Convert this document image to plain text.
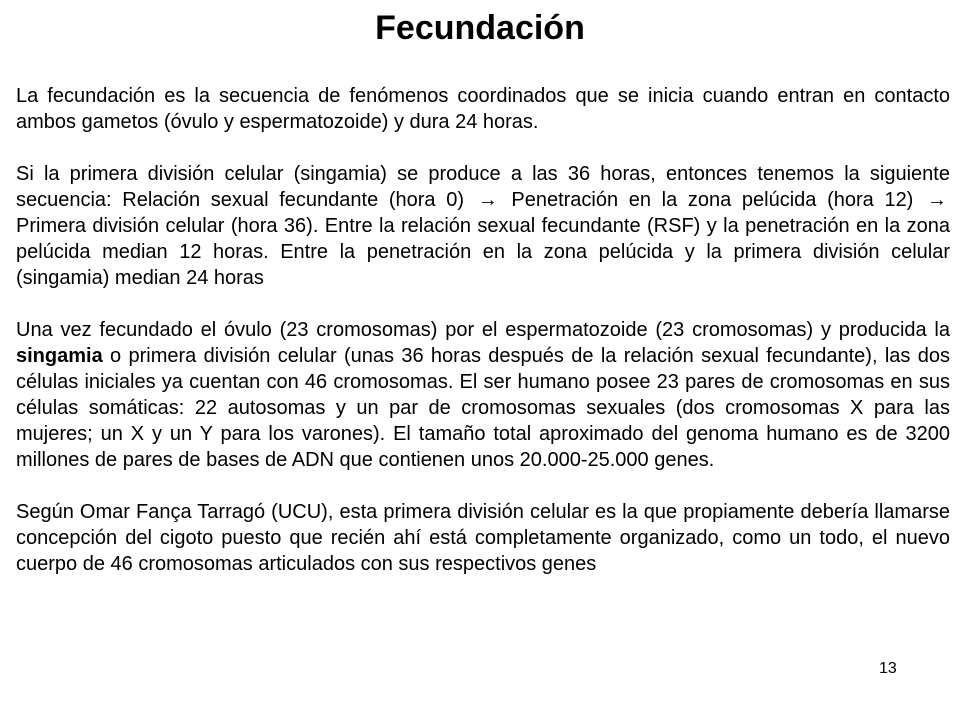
Fecundación

La fecundación es la secuencia de fenómenos coordinados que se inicia cuando entran en contacto ambos gametos (óvulo y espermatozoide) y dura 24 horas.

Si la primera división celular (singamia) se produce a las 36 horas, entonces tenemos la siguiente secuencia: Relación sexual fecundante (hora 0) → Penetración en la zona pelúcida (hora 12) → Primera división celular (hora 36). Entre la relación sexual fecundante (RSF) y la penetración en la zona pelúcida median 12 horas. Entre la penetración en la zona pelúcida y la primera división celular (singamia) median 24 horas

Una vez fecundado el óvulo (23 cromosomas) por el espermatozoide (23 cromosomas) y producida la singamia o primera división celular (unas 36 horas después de la relación sexual fecundante), las dos células iniciales ya cuentan con 46 cromosomas. El ser humano posee 23 pares de cromosomas en sus células somáticas: 22 autosomas y un par de cromosomas sexuales (dos cromosomas X para las mujeres; un X y un Y para los varones). El tamaño total aproximado del genoma humano es de 3200 millones de pares de bases de ADN que contienen unos 20.000-25.000 genes.

Según Omar Fança Tarragó (UCU), esta primera división celular es la que propiamente debería llamarse concepción del cigoto puesto que recién ahí está completamente organizado, como un todo, el nuevo cuerpo de 46 cromosomas articulados con sus respectivos genes

13
